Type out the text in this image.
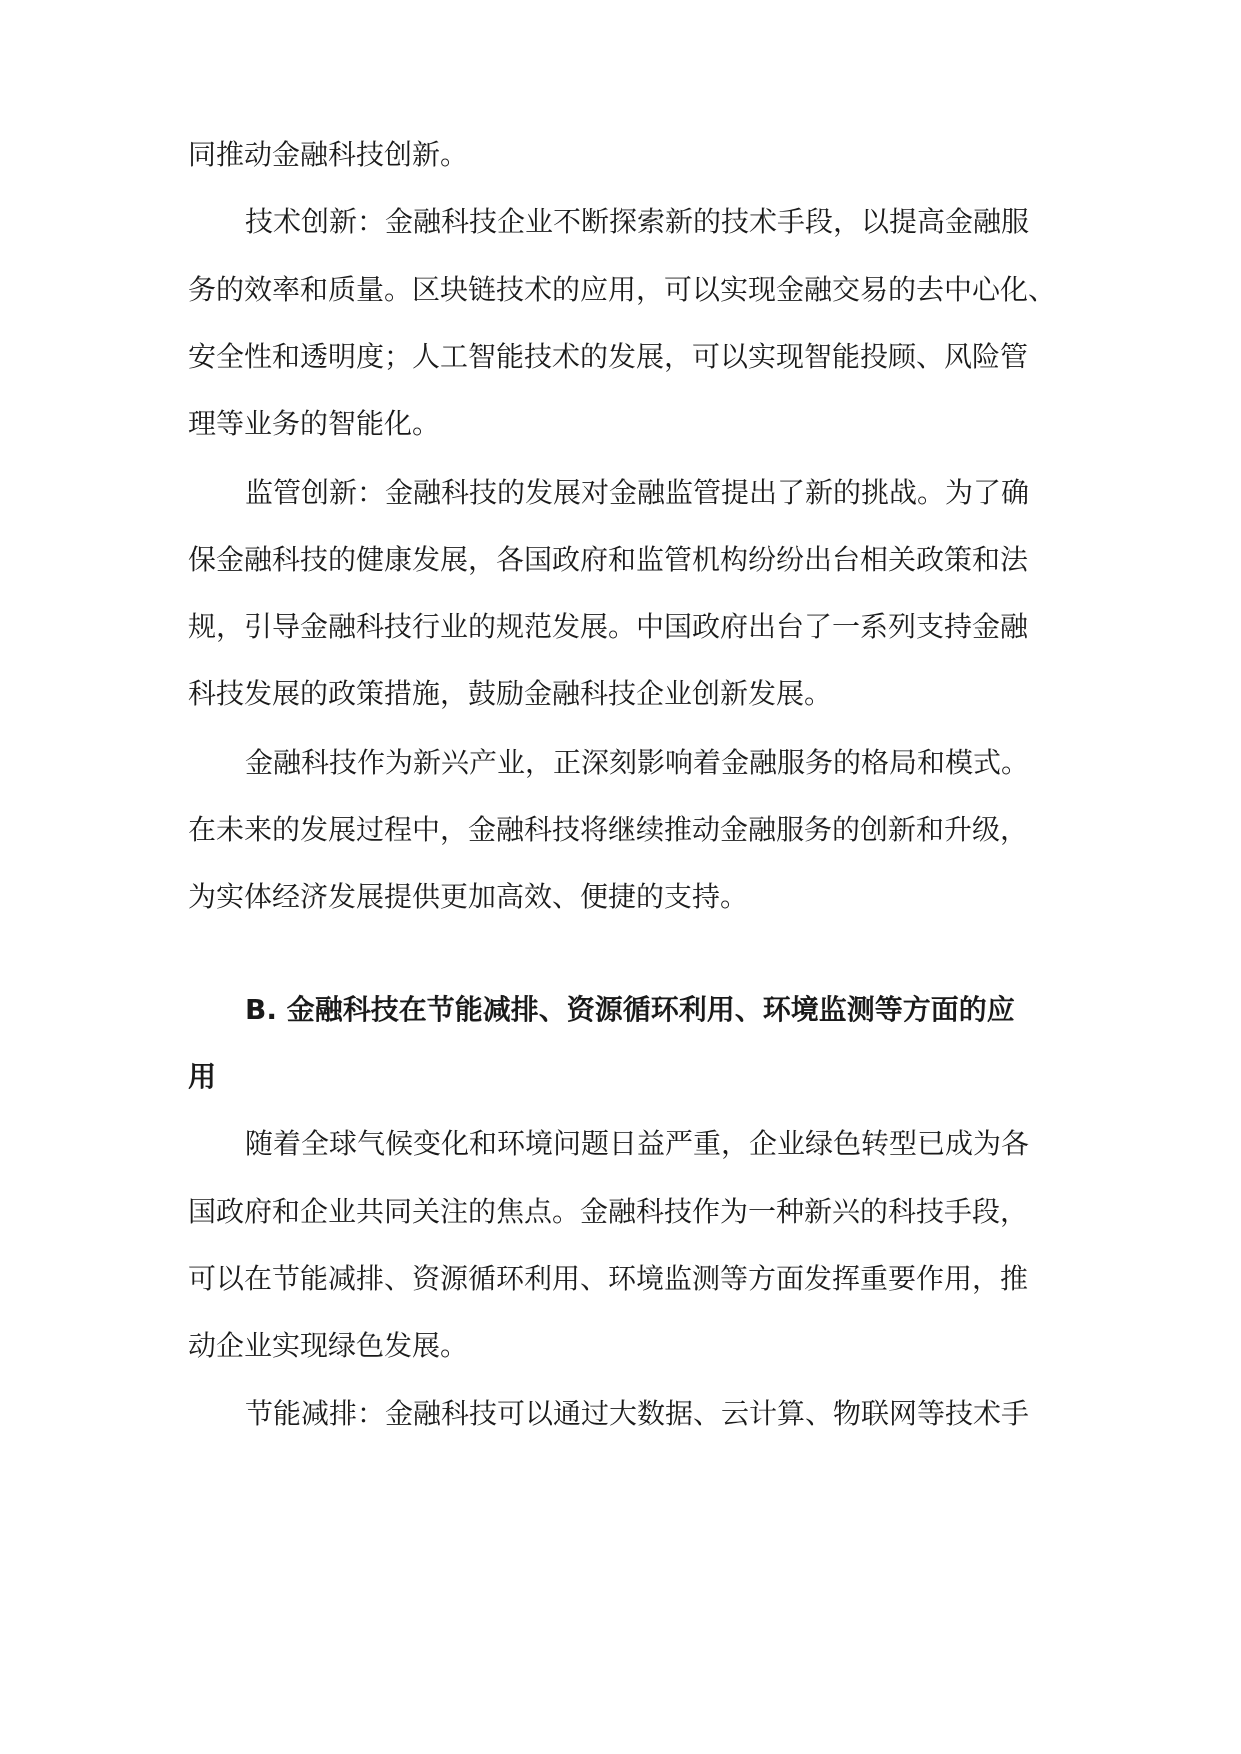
同推动金融科技创新。
技术创新：金融科技企业不断探索新的技术手段，以提高金融服
务的效率和质量。区块链技术的应用，可以实现金融交易的去中心化、
安全性和透明度；人工智能技术的发展，可以实现智能投顾、风险管
理等业务的智能化。
监管创新：金融科技的发展对金融监管提出了新的挑战。为了确
保金融科技的健康发展，各国政府和监管机构纷纷出台相关政策和法
规，引导金融科技行业的规范发展。中国政府出台了一系列支持金融
科技发展的政策措施，鼓励金融科技企业创新发展。
金融科技作为新兴产业，正深刻影响着金融服务的格局和模式。
在未来的发展过程中，金融科技将继续推动金融服务的创新和升级，
为实体经济发展提供更加高效、便捷的支持。
B. 金融科技在节能减排、资源循环利用、环境监测等方面的应
用
随着全球气候变化和环境问题日益严重，企业绿色转型已成为各
国政府和企业共同关注的焦点。金融科技作为一种新兴的科技手段，
可以在节能减排、资源循环利用、环境监测等方面发挥重要作用，推
动企业实现绿色发展。
节能减排：金融科技可以通过大数据、云计算、物联网等技术手
